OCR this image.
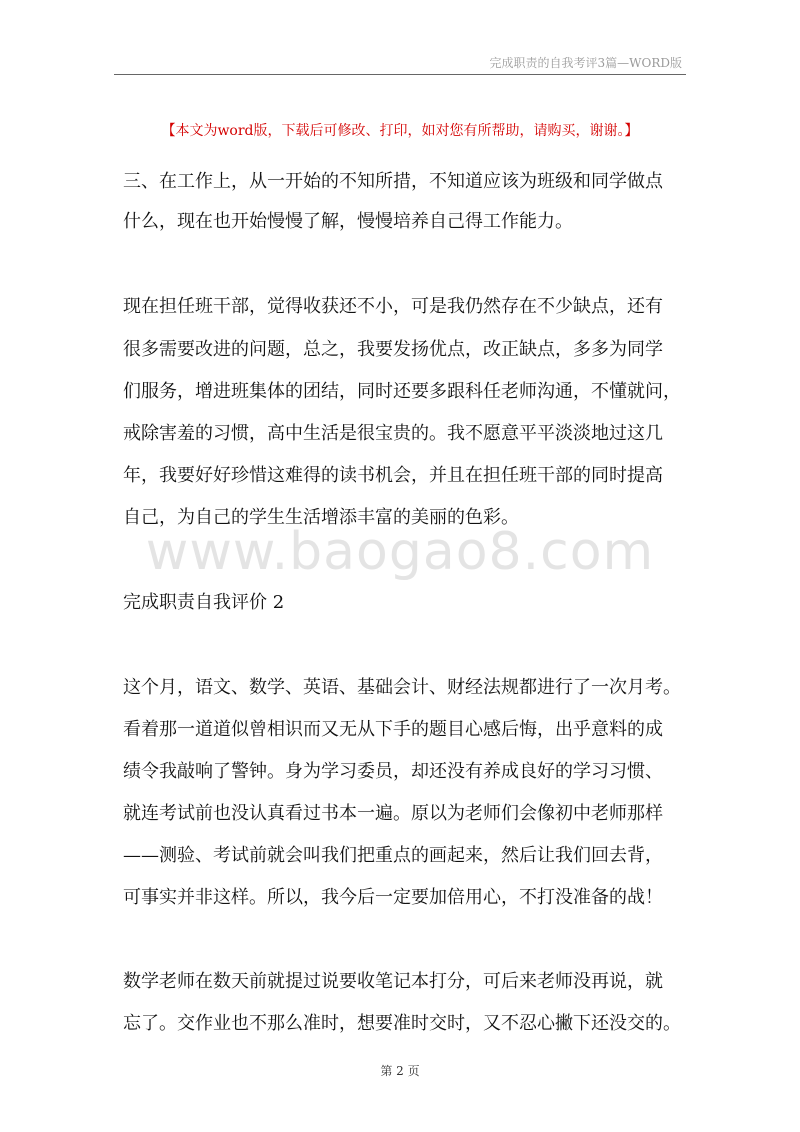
完成职责的自我考评3篇—WORD版
【本文为word版，下载后可修改、打印，如对您有所帮助，请购买，谢谢。】
三、在工作上，从一开始的不知所措，不知道应该为班级和同学做点
什么，现在也开始慢慢了解，慢慢培养自己得工作能力。
现在担任班干部，觉得收获还不小，可是我仍然存在不少缺点，还有
很多需要改进的问题，总之，我要发扬优点，改正缺点，多多为同学
们服务，增进班集体的团结，同时还要多跟科任老师沟通，不懂就问，
戒除害羞的习惯，高中生活是很宝贵的。我不愿意平平淡淡地过这几
年，我要好好珍惜这难得的读书机会，并且在担任班干部的同时提高
自己，为自己的学生生活增添丰富的美丽的色彩。
www.baogao8.com
完成职责自我评价 2
这个月，语文、数学、英语、基础会计、财经法规都进行了一次月考。
看着那一道道似曾相识而又无从下手的题目心感后悔，出乎意料的成
绩令我敲响了警钟。身为学习委员，却还没有养成良好的学习习惯、
就连考试前也没认真看过书本一遍。原以为老师们会像初中老师那样
——测验、考试前就会叫我们把重点的画起来，然后让我们回去背，
可事实并非这样。所以，我今后一定要加倍用心，不打没准备的战！
数学老师在数天前就提过说要收笔记本打分，可后来老师没再说，就
忘了。交作业也不那么准时，想要准时交时，又不忍心撇下还没交的。
第 2 页
